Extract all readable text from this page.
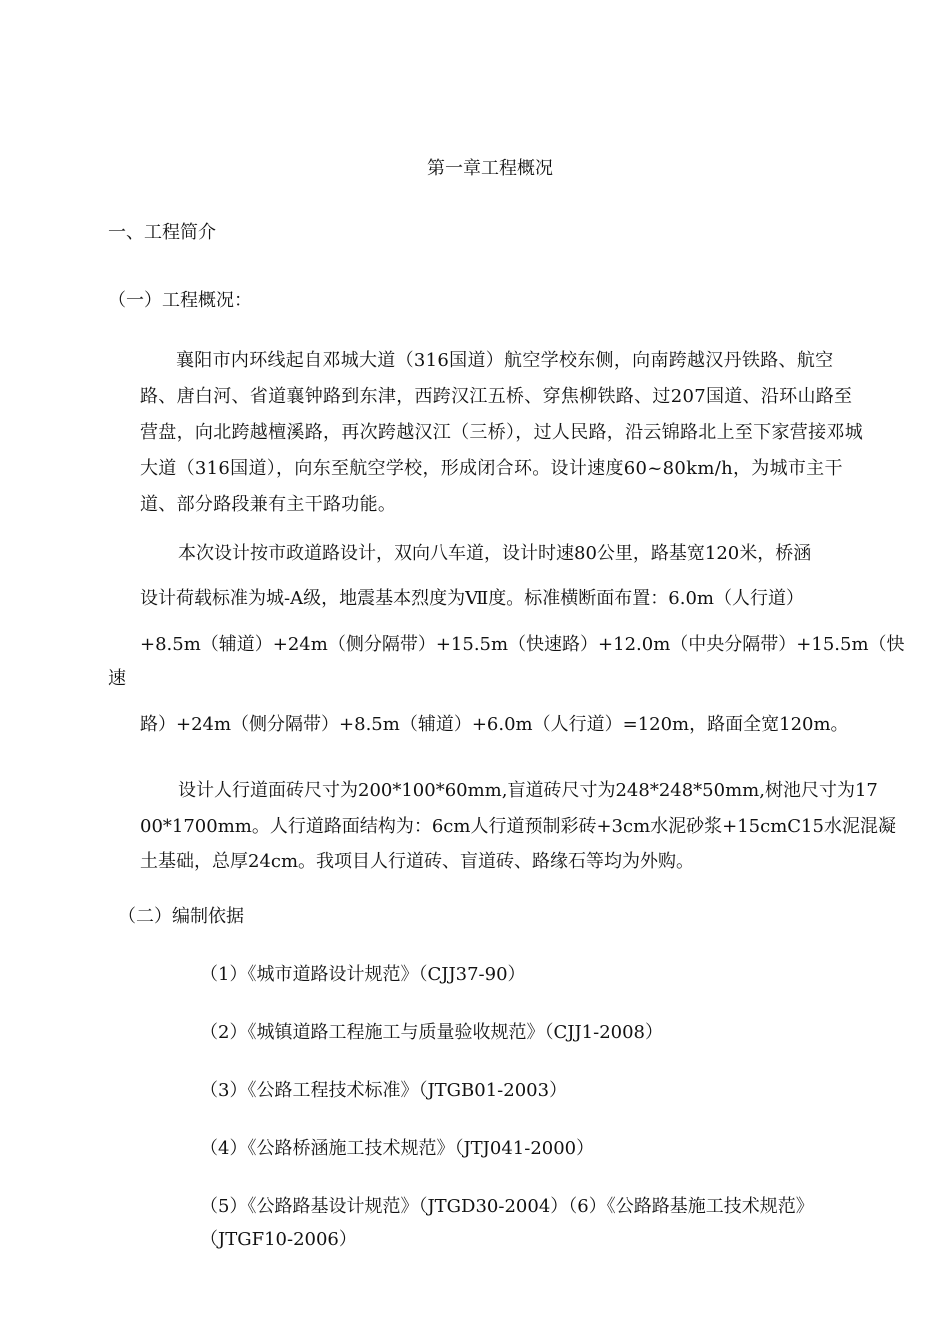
第一章工程概况
一、工程简介
（一）工程概况：

襄阳市内环线起自邓城大道（316国道）航空学校东侧，向南跨越汉丹铁路、航空路、唐白河、省道襄钟路到东津，西跨汉江五桥、穿焦柳铁路、过207国道、沿环山路至营盘，向北跨越檀溪路，再次跨越汉江（三桥），过人民路，沿云锦路北上至下家营接邓城大道（316国道），向东至航空学校，形成闭合环。设计速度60~80km/h，为城市主干道、部分路段兼有主干路功能。

本次设计按市政道路设计，双向八车道，设计时速80公里，路基宽120米，桥涵

设计荷载标准为城-A级，地震基本烈度为Ⅶ度。标准横断面布置：6.0m（人行道）

+8.5m（辅道）+24m（侧分隔带）+15.5m（快速路）+12.0m（中央分隔带）+15.5m（快

速

路）+24m（侧分隔带）+8.5m（辅道）+6.0m（人行道）=120m，路面全宽120m。

设计人行道面砖尺寸为200*100*60mm,盲道砖尺寸为248*248*50mm,树池尺寸为17

00*1700mm。人行道路面结构为：6cm人行道预制彩砖+3cm水泥砂浆+15cmC15水泥混凝

土基础，总厚24cm。我项目人行道砖、盲道砖、路缘石等均为外购。

（二）编制依据

（1）《城市道路设计规范》（CJJ37-90）

（2）《城镇道路工程施工与质量验收规范》（CJJ1-2008）

（3）《公路工程技术标准》（JTGB01-2003）

（4）《公路桥涵施工技术规范》（JTJ041-2000）

（5）《公路路基设计规范》（JTGD30-2004）（6）《公路路基施工技术规范》

（JTGF10-2006）
